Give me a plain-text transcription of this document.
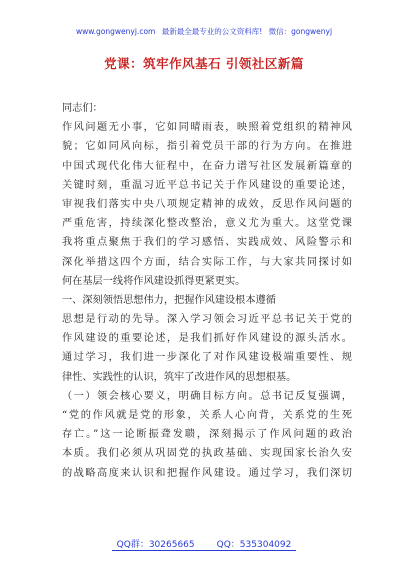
www.gongwenyj.com 最新最全最专业的公文资料库! 微信：gongwenyj
党课：筑牢作风基石 引领社区新篇
同志们：
作风问题无小事，它如同晴雨表，映照着党组织的精神风
貌；它如同风向标，指引着党员干部的行为方向。在推进
中国式现代化伟大征程中，在奋力谱写社区发展新篇章的
关键时刻，重温习近平总书记关于作风建设的重要论述，
审视我们落实中央八项规定精神的成效，反思作风问题的
严重危害，持续深化整改整治，意义尤为重大。这堂党课
我将重点聚焦于我们的学习感悟、实践成效、风险警示和
深化举措这四个方面，结合实际工作，与大家共同探讨如
何在基层一线将作风建设抓得更紧更实。
一、深刻领悟思想伟力，把握作风建设根本遵循
思想是行动的先导。深入学习领会习近平总书记关于党的
作风建设的重要论述，是我们抓好作风建设的源头活水。
通过学习，我们进一步深化了对作风建设极端重要性、规
律性、实践性的认识，筑牢了改进作风的思想根基。
（一）领会核心要义，明确目标方向。总书记反复强调，
“党的作风就是党的形象，关系人心向背，关系党的生死
存亡。”这一论断振聋发聩，深刻揭示了作风问题的政治
本质。我们必须从巩固党的执政基础、实现国家长治久安
的战略高度来认识和把握作风建设。通过学习，我们深切
QQ群：30265665 QQ：535304092
